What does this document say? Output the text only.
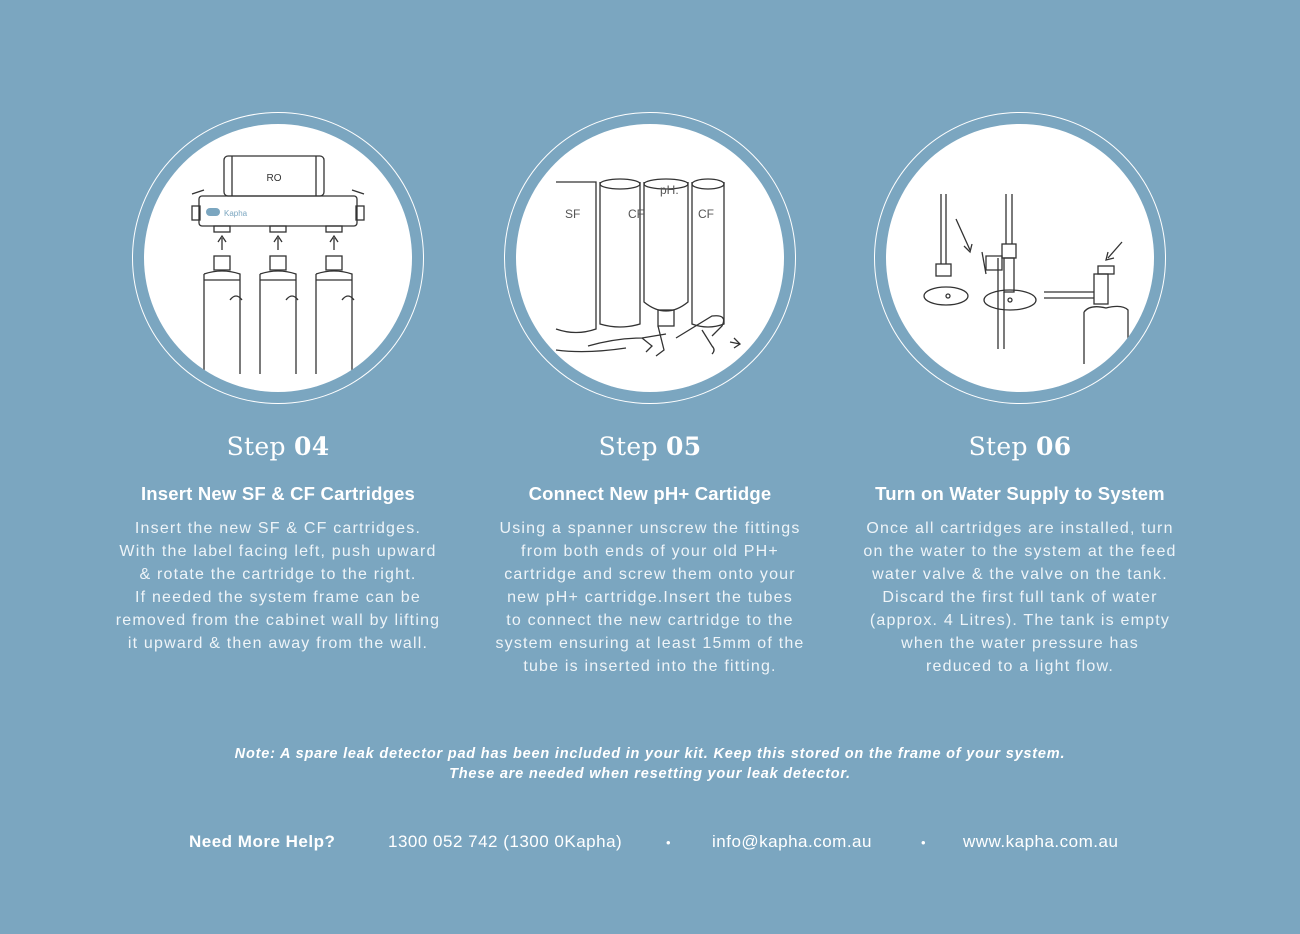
RO
Kapha
Step 04
Insert New SF & CF Cartridges
Insert the new SF & CF cartridges.
With the label facing left, push upward
& rotate the cartridge to the right.
If needed the system frame can be
removed from the cabinet wall by lifting
it upward & then away from the wall.
SF	CF
pH.
CF
Step 05
Connect New pH+ Cartidge
Using a spanner unscrew the fittings
from both ends of your old PH+
cartridge and screw them onto your
new pH+ cartridge.Insert the tubes
to connect the new cartridge to the
system ensuring at least 15mm of the
tube is inserted into the fitting.
Step 06
Turn on Water Supply to System
Once all cartridges are installed, turn
on the water to the system at the feed
water valve & the valve on the tank.
Discard the first full tank of water
(approx. 4 Litres). The tank is empty
when the water pressure has
reduced to a light flow.
Note: A spare leak detector pad has been included in your kit. Keep this stored on the frame of your system.
These are needed when resetting your leak detector.
Need More Help?	1300 052 742 (1300 0Kapha)	• info@kapha.com.au	• www.kapha.com.au
